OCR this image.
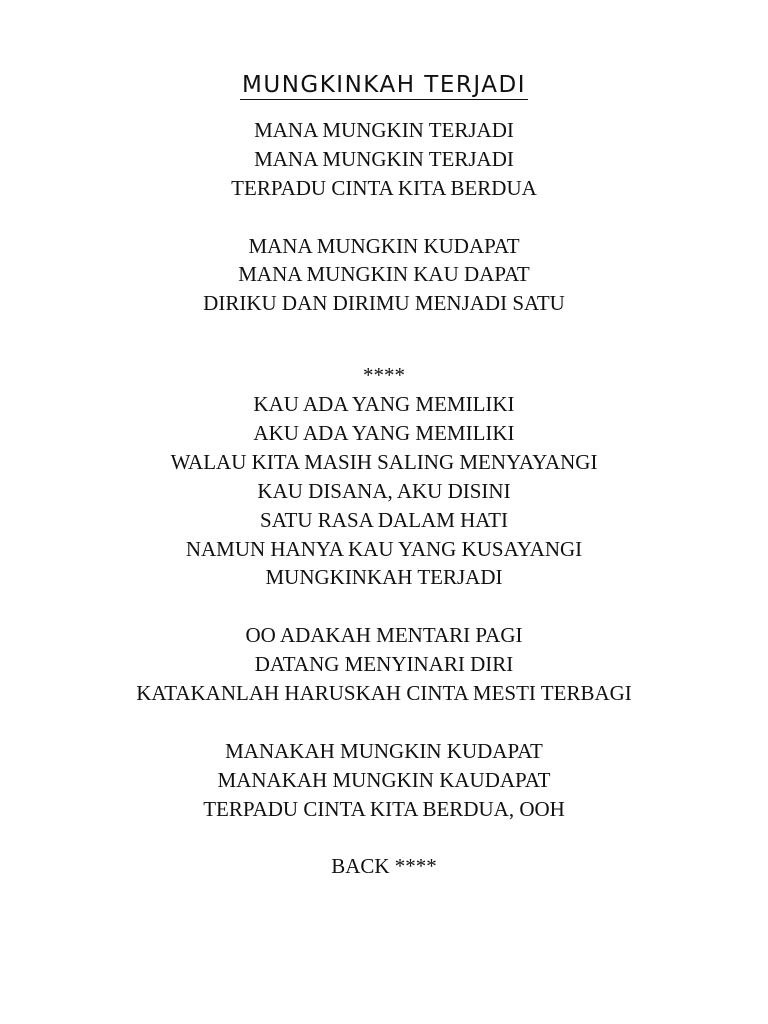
MUNGKINKAH TERJADI
MANA MUNGKIN TERJADI
MANA MUNGKIN TERJADI
TERPADU CINTA KITA BERDUA
MANA MUNGKIN KUDAPAT
MANA MUNGKIN KAU DAPAT
DIRIKU DAN DIRIMU MENJADI SATU
****
KAU ADA YANG MEMILIKI
AKU ADA YANG MEMILIKI
WALAU KITA MASIH SALING MENYAYANGI
KAU DISANA, AKU DISINI
SATU RASA DALAM HATI
NAMUN HANYA KAU YANG KUSAYANGI
MUNGKINKAH TERJADI
OO ADAKAH MENTARI PAGI
DATANG MENYINARI DIRI
KATAKANLAH HARUSKAH CINTA MESTI TERBAGI
MANAKAH MUNGKIN KUDAPAT
MANAKAH MUNGKIN KAUDAPAT
TERPADU CINTA KITA BERDUA, OOH
BACK ****
